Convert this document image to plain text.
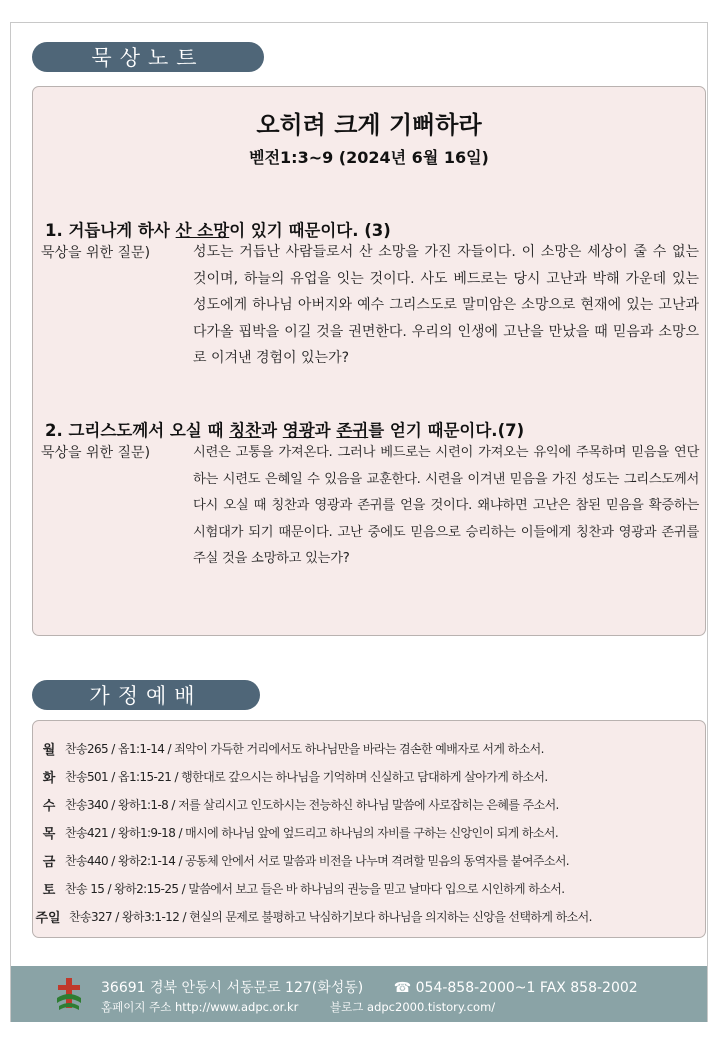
묵상노트
오히려 크게 기뻐하라
벧전1:3~9 (2024년 6월 16일)
1. 거듭나게 하사 산 소망이 있기 때문이다. (3)
묵상을 위한 질문)	성도는 거듭난 사람들로서 산 소망을 가진 자들이다. 이 소망은 세상이 줄 수 없는 것이며, 하늘의 유업을 잇는 것이다. 사도 베드로는 당시 고난과 박해 가운데 있는 성도에게 하나님 아버지와 예수 그리스도로 말미암은 소망으로 현재에 있는 고난과 다가올 핍박을 이길 것을 권면한다. 우리의 인생에 고난을 만났을 때 믿음과 소망으로 이겨낸 경험이 있는가?
2. 그리스도께서 오실 때 칭찬과 영광과 존귀를 얻기 때문이다.(7)
묵상을 위한 질문)	시련은 고통을 가져온다. 그러나 베드로는 시련이 가져오는 유익에 주목하며 믿음을 연단하는 시련도 은혜일 수 있음을 교훈한다. 시련을 이겨낸 믿음을 가진 성도는 그리스도께서 다시 오실 때 칭찬과 영광과 존귀를 얻을 것이다. 왜냐하면 고난은 참된 믿음을 확증하는 시험대가 되기 때문이다. 고난 중에도 믿음으로 승리하는 이들에게 칭찬과 영광과 존귀를 주실 것을 소망하고 있는가?
가정예배
월 찬송265 / 옵1:1-14 / 죄악이 가득한 거리에서도 하나님만을 바라는 겸손한 예배자로 서게 하소서.
화 찬송501 / 옵1:15-21 / 행한대로 갚으시는 하나님을 기억하며 신실하고 담대하게 살아가게 하소서.
수 찬송340 / 왕하1:1-8 / 저를 살리시고 인도하시는 전능하신 하나님 말씀에 사로잡히는 은혜를 주소서.
목 찬송421 / 왕하1:9-18 / 매시에 하나님 앞에 엎드리고 하나님의 자비를 구하는 신앙인이 되게 하소서.
금 찬송440 / 왕하2:1-14 / 공동체 안에서 서로 말씀과 비전을 나누며 격려할 믿음의 동역자를 붙여주소서.
토 찬송 15 / 왕하2:15-25 / 말씀에서 보고 들은 바 하나님의 권능을 믿고 날마다 입으로 시인하게 하소서.
주일 찬송327 / 왕하3:1-12 / 현실의 문제로 불평하고 낙심하기보다 하나님을 의지하는 신앙을 선택하게 하소서.
36691 경북 안동시 서동문로 127(화성동) ☎ 054-858-2000~1 FAX 858-2002
홈페이지 주소 http://www.adpc.or.kr	블로그 adpc2000.tistory.com/
